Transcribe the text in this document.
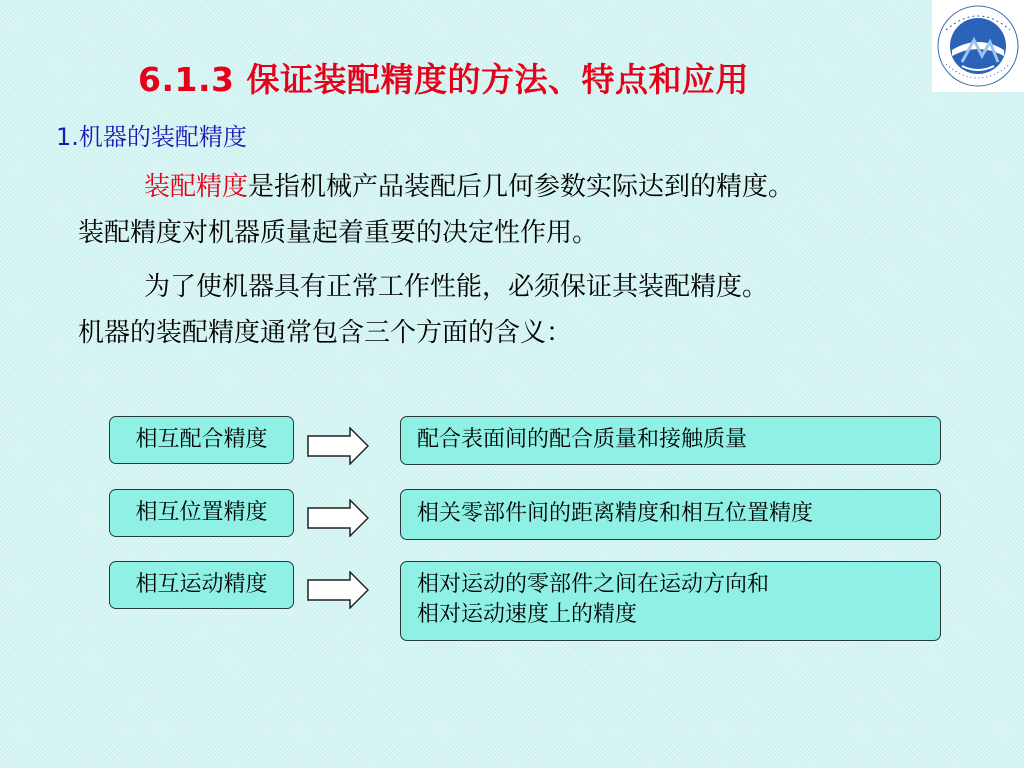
6.1.3 保证装配精度的方法、特点和应用
1.机器的装配精度
装配精度是指机械产品装配后几何参数实际达到的精度。
装配精度对机器质量起着重要的决定性作用。
为了使机器具有正常工作性能，必须保证其装配精度。
机器的装配精度通常包含三个方面的含义：
相互配合精度	配合表面间的配合质量和接触质量
相互位置精度	相关零部件间的距离精度和相互位置精度
相互运动精度	相对运动的零部件之间在运动方向和
相对运动速度上的精度
